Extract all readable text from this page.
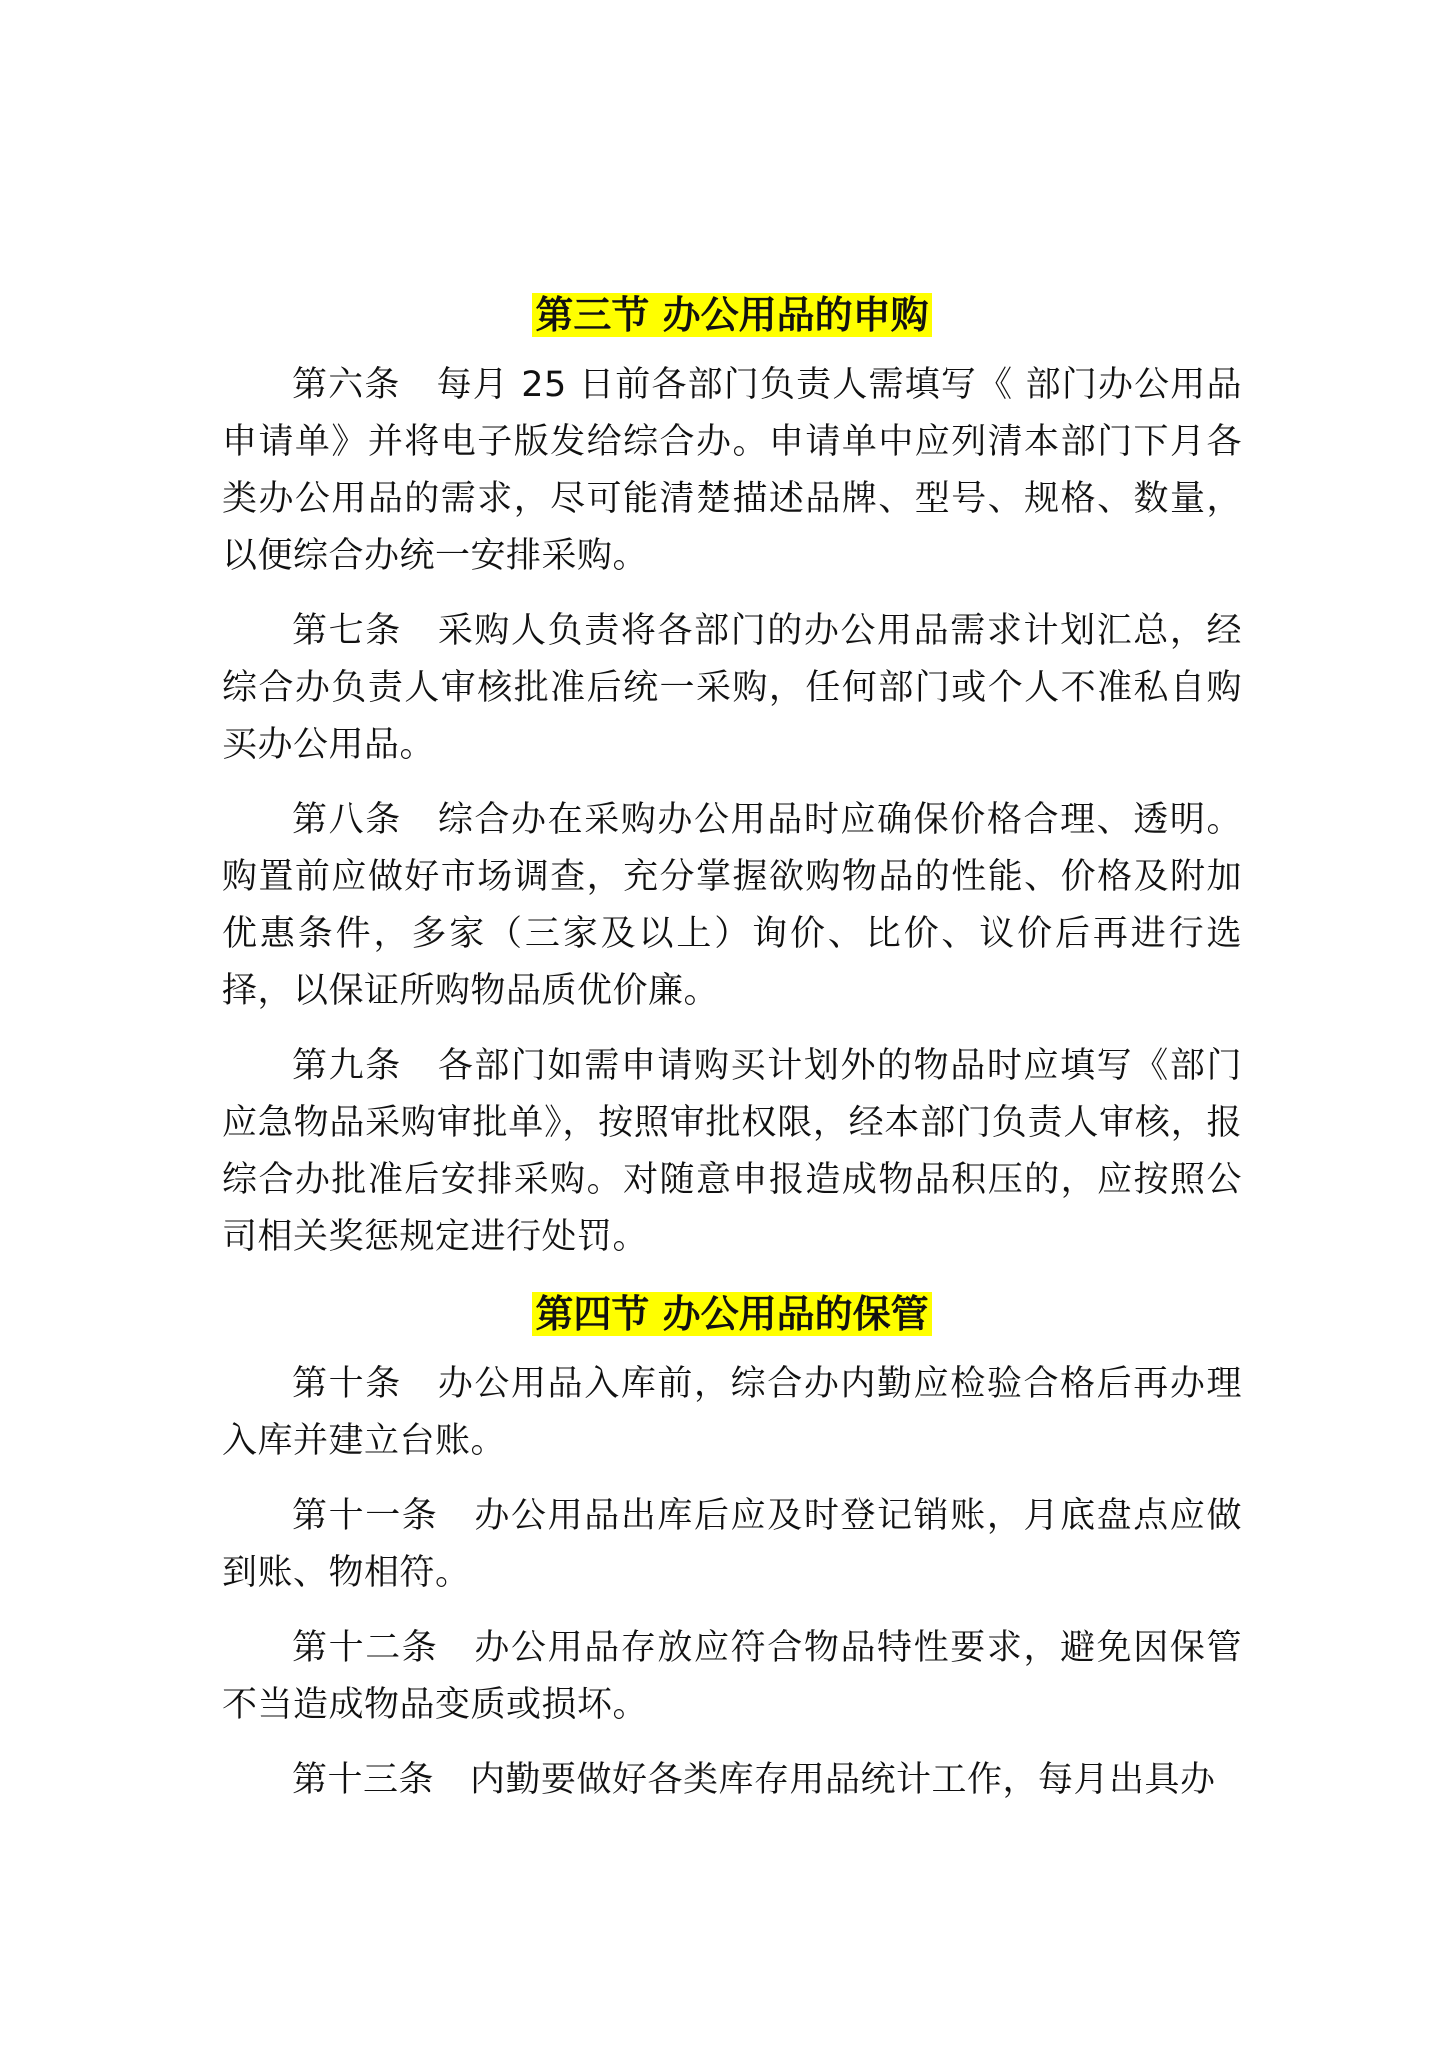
第三节 办公用品的申购

第六条 每月 25 日前各部门负责人需填写《 部门办公用品申请单》并将电子版发给综合办。申请单中应列清本部门下月各类办公用品的需求，尽可能清楚描述品牌、型号、规格、数量，以便综合办统一安排采购。

第七条 采购人负责将各部门的办公用品需求计划汇总，经综合办负责人审核批准后统一采购，任何部门或个人不准私自购买办公用品。

第八条 综合办在采购办公用品时应确保价格合理、透明。购置前应做好市场调查，充分掌握欲购物品的性能、价格及附加优惠条件，多家（三家及以上）询价、比价、议价后再进行选择，以保证所购物品质优价廉。

第九条 各部门如需申请购买计划外的物品时应填写《部门应急物品采购审批单》，按照审批权限，经本部门负责人审核，报综合办批准后安排采购。对随意申报造成物品积压的，应按照公司相关奖惩规定进行处罚。

第四节 办公用品的保管

第十条 办公用品入库前，综合办内勤应检验合格后再办理入库并建立台账。

第十一条 办公用品出库后应及时登记销账，月底盘点应做到账、物相符。

第十二条 办公用品存放应符合物品特性要求，避免因保管不当造成物品变质或损坏。

第十三条 内勤要做好各类库存用品统计工作，每月出具办
